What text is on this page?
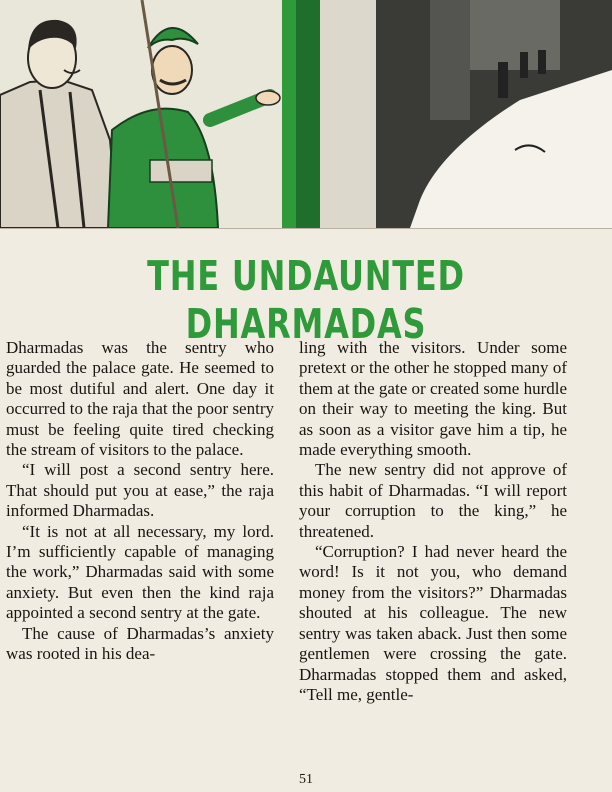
THE UNDAUNTED DHARMADAS

Dharmadas was the sentry who guarded the palace gate. He seemed to be most dutiful and alert. One day it occurred to the raja that the poor sentry must be feeling quite tired checking the stream of visitors to the palace.

“I will post a second sentry here. That should put you at ease,” the raja informed Dharmadas.

“It is not at all necessary, my lord. I’m sufficiently capable of managing the work,” Dharmadas said with some anxiety. But even then the kind raja appointed a second sentry at the gate.

The cause of Dharmadas’s anxiety was rooted in his dea-

ling with the visitors. Under some pretext or the other he stopped many of them at the gate or created some hurdle on their way to meeting the king. But as soon as a visitor gave him a tip, he made everything smooth.

The new sentry did not approve of this habit of Dharmadas. “I will report your corruption to the king,” he threatened.

“Corruption? I had never heard the word! Is it not you, who demand money from the visitors?” Dharmadas shouted at his colleague. The new sentry was taken aback. Just then some gentlemen were crossing the gate. Dharmadas stopped them and asked, “Tell me, gentle-

51
